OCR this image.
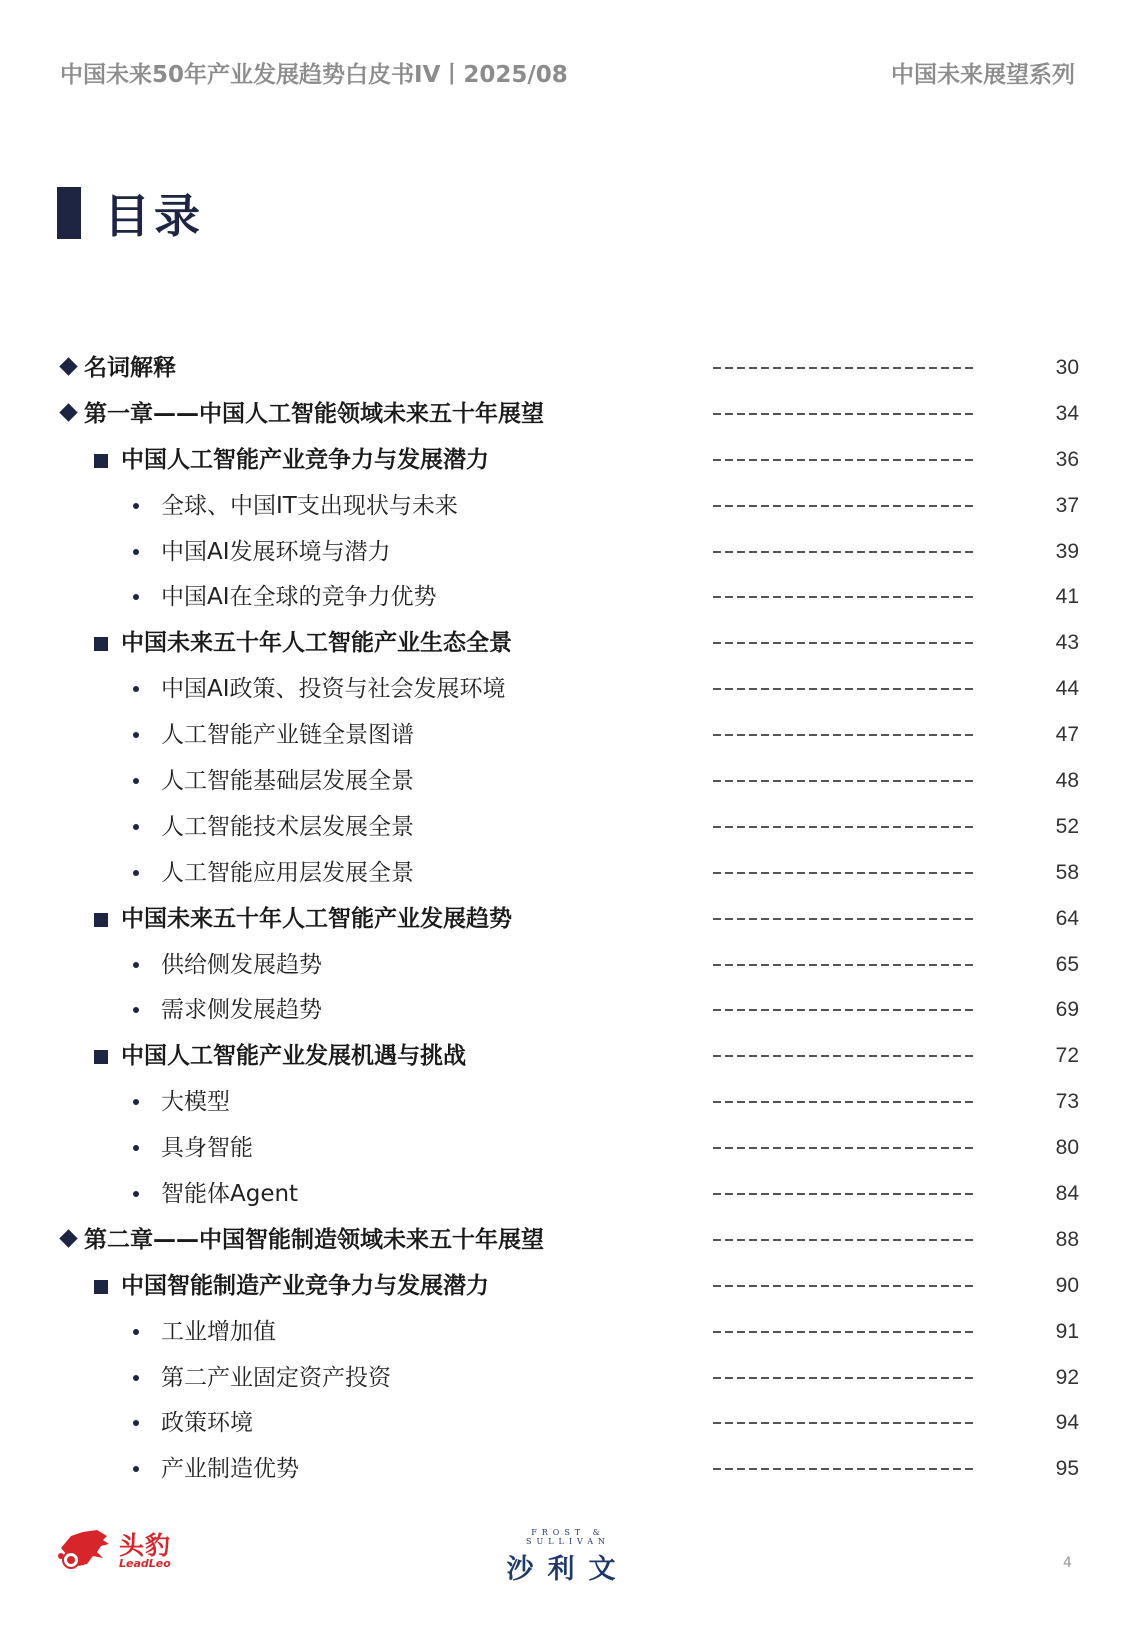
中国未来50年产业发展趋势白皮书IV丨2025/08	中国未来展望系列
目录
名词解释	30
第一章——中国人工智能领域未来五十年展望	34
中国人工智能产业竞争力与发展潜力	36
全球、中国IT支出现状与未来	37
中国AI发展环境与潜力	39
中国AI在全球的竞争力优势	41
中国未来五十年人工智能产业生态全景	43
中国AI政策、投资与社会发展环境	44
人工智能产业链全景图谱	47
人工智能基础层发展全景	48
人工智能技术层发展全景	52
人工智能应用层发展全景	58
中国未来五十年人工智能产业发展趋势	64
供给侧发展趋势	65
需求侧发展趋势	69
中国人工智能产业发展机遇与挑战	72
大模型	73
具身智能	80
智能体Agent	84
第二章——中国智能制造领域未来五十年展望	88
中国智能制造产业竞争力与发展潜力	90
工业增加值	91
第二产业固定资产投资	92
政策环境	94
产业制造优势	95
头豹
LeadLeo
FROST & SULLIVAN
沙利文	4
